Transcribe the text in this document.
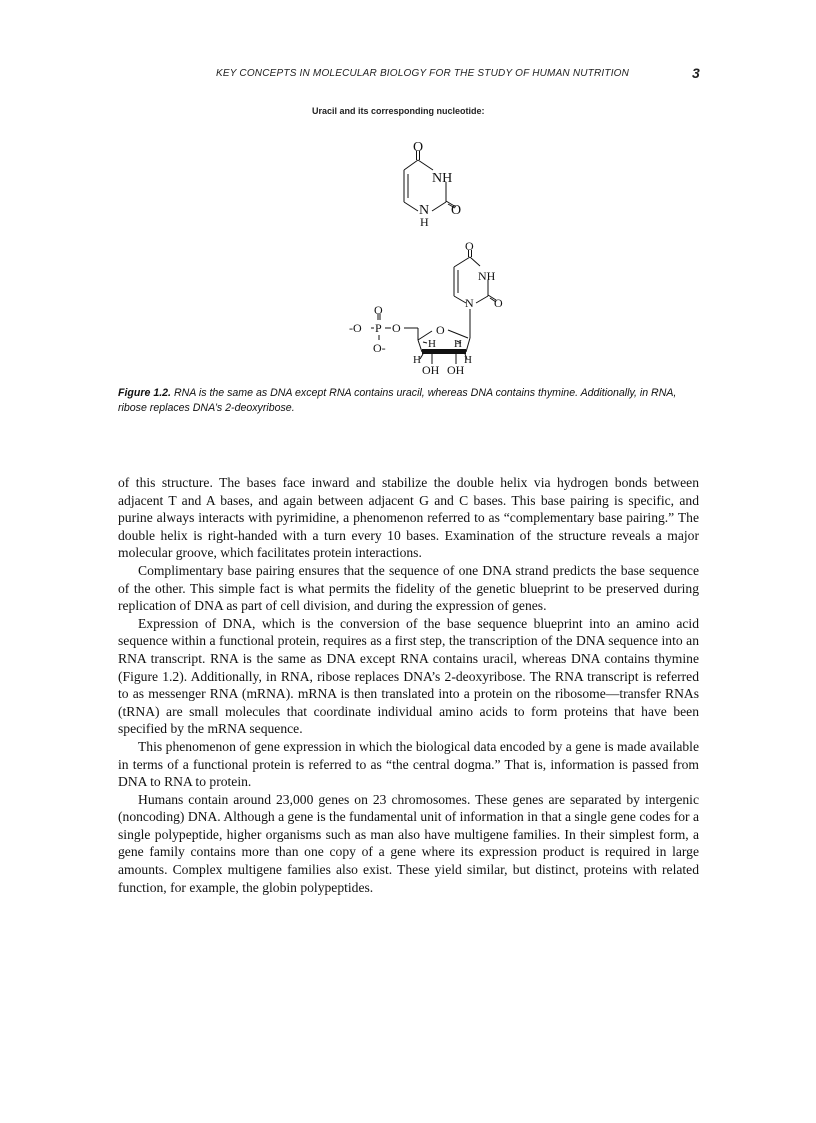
KEY CONCEPTS IN MOLECULAR BIOLOGY FOR THE STUDY OF HUMAN NUTRITION	3
Uracil and its corresponding nucleotide:
O
NH
N
H
O
O
NH
N O
O
-O P O
O-
O
H H
H	H
OH OH
Figure 1.2. RNA is the same as DNA except RNA contains uracil, whereas DNA contains thymine. Additionally, in RNA, ribose replaces DNA’s 2-deoxyribose.

of this structure. The bases face inward and stabilize the double helix via hydrogen bonds between adjacent T and A bases, and again between adjacent G and C bases. This base pairing is specific, and purine always interacts with pyrimidine, a phenomenon referred to as “complementary base pairing.” The double helix is right-handed with a turn every 10 bases. Examination of the structure reveals a major molecular groove, which facilitates protein interactions.

Complimentary base pairing ensures that the sequence of one DNA strand predicts the base sequence of the other. This simple fact is what permits the fidelity of the genetic blueprint to be preserved during replication of DNA as part of cell division, and during the expression of genes.

Expression of DNA, which is the conversion of the base sequence blueprint into an amino acid sequence within a functional protein, requires as a first step, the transcription of the DNA sequence into an RNA transcript. RNA is the same as DNA except RNA contains uracil, whereas DNA contains thymine (Figure 1.2). Additionally, in RNA, ribose replaces DNA’s 2-deoxyribose. The RNA transcript is referred to as messenger RNA (mRNA). mRNA is then translated into a protein on the ribosome—transfer RNAs (tRNA) are small molecules that coordinate individual amino acids to form proteins that have been specified by the mRNA sequence.

This phenomenon of gene expression in which the biological data encoded by a gene is made available in terms of a functional protein is referred to as “the central dogma.” That is, information is passed from DNA to RNA to protein.

Humans contain around 23,000 genes on 23 chromosomes. These genes are separated by intergenic (noncoding) DNA. Although a gene is the fundamental unit of information in that a single gene codes for a single polypeptide, higher organisms such as man also have multigene families. In their simplest form, a gene family contains more than one copy of a gene where its expression product is required in large amounts. Complex multigene families also exist. These yield similar, but distinct, proteins with related function, for example, the globin polypeptides.
